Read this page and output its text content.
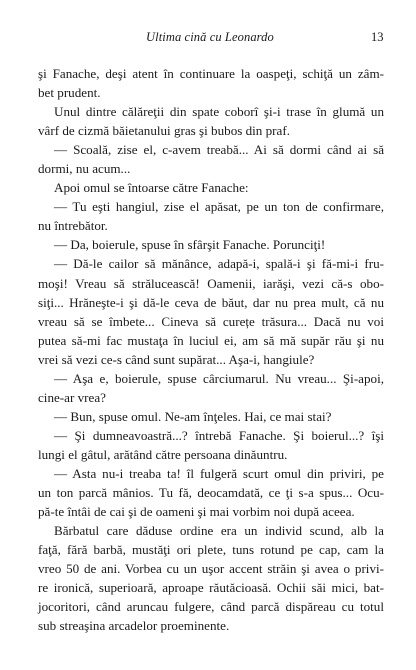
Ultima cină cu Leonardo	13
şi Fanache, deşi atent în continuare la oaspeţi, schiţă un zâm-
bet prudent.
Unul dintre călăreţii din spate coborî şi-i trase în glumă un
vârf de cizmă băietanului gras şi bubos din praf.
— Scoală, zise el, c-avem treabă... Ai să dormi când ai să
dormi, nu acum...
Apoi omul se întoarse către Fanache:
— Tu eşti hangiul, zise el apăsat, pe un ton de confirmare,
nu întrebător.
— Da, boierule, spuse în sfârşit Fanache. Porunciţi!
— Dă-le cailor să mănânce, adapă-i, spală-i şi fă-mi-i fru-
moşi! Vreau să strălucească! Oamenii, iarăşi, vezi că-s obo-
siţi... Hrăneşte-i şi dă-le ceva de băut, dar nu prea mult, că nu
vreau să se îmbete... Cineva să curețe trăsura... Dacă nu voi
putea să-mi fac mustaţa în luciul ei, am să mă supăr rău şi nu
vrei să vezi ce-s când sunt supărat... Aşa-i, hangiule?
— Aşa e, boierule, spuse cârciumarul. Nu vreau... Şi-apoi,
cine-ar vrea?
— Bun, spuse omul. Ne-am înţeles. Hai, ce mai stai?
— Şi dumneavoastră...? întrebă Fanache. Şi boierul...? îşi
lungi el gâtul, arătând către persoana dinăuntru.
— Asta nu-i treaba ta! îl fulgeră scurt omul din priviri, pe
un ton parcă mânios. Tu fă, deocamdată, ce ţi s-a spus... Ocu-
pă-te întâi de cai şi de oameni şi mai vorbim noi după aceea.
Bărbatul care dăduse ordine era un individ scund, alb la
faţă, fără barbă, mustăţi ori plete, tuns rotund pe cap, cam la
vreo 50 de ani. Vorbea cu un uşor accent străin şi avea o privi-
re ironică, superioară, aproape răutăcioasă. Ochii săi mici, bat-
jocoritori, când aruncau fulgere, când parcă dispăreau cu totul
sub streaşina arcadelor proeminente.
